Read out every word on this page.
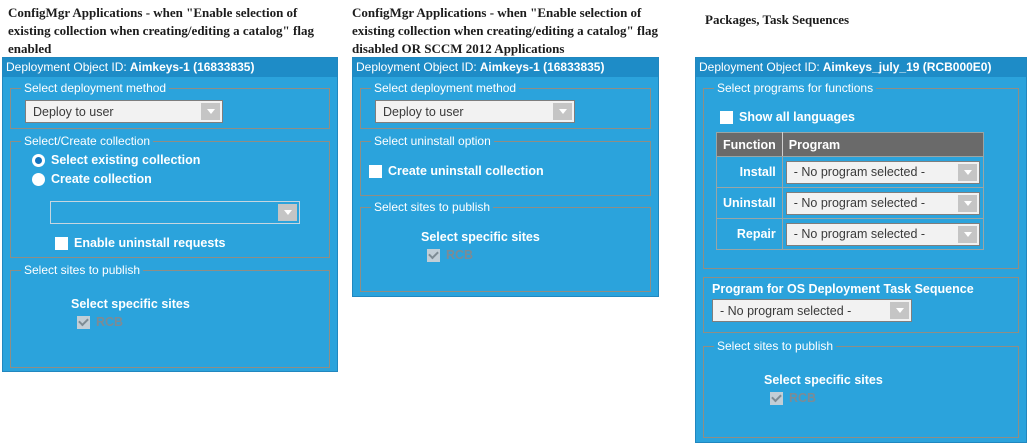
ConfigMgr Applications - when "Enable selection of existing collection when creating/editing a catalog" flag enabled
ConfigMgr Applications - when "Enable selection of existing collection when creating/editing a catalog" flag disabled OR SCCM 2012 Applications
Packages, Task Sequences
Deployment Object ID: Aimkeys-1 (16833835)
Select deployment method
Deploy to user
Select/Create collection
Select existing collection
Create collection
Enable uninstall requests
Select sites to publish
Select specific sites
RCB
Deployment Object ID: Aimkeys-1 (16833835)
Select deployment method
Deploy to user
Select uninstall option
Create uninstall collection
Select sites to publish
Select specific sites
RCB
Deployment Object ID: Aimkeys_july_19 (RCB000E0)
Select programs for functions
Show all languages
Function	Program
Install	- No program selected -

Uninstall	- No program selected -

Repair	- No program selected -
Program for OS Deployment Task Sequence
- No program selected -
Select sites to publish
Select specific sites
RCB
